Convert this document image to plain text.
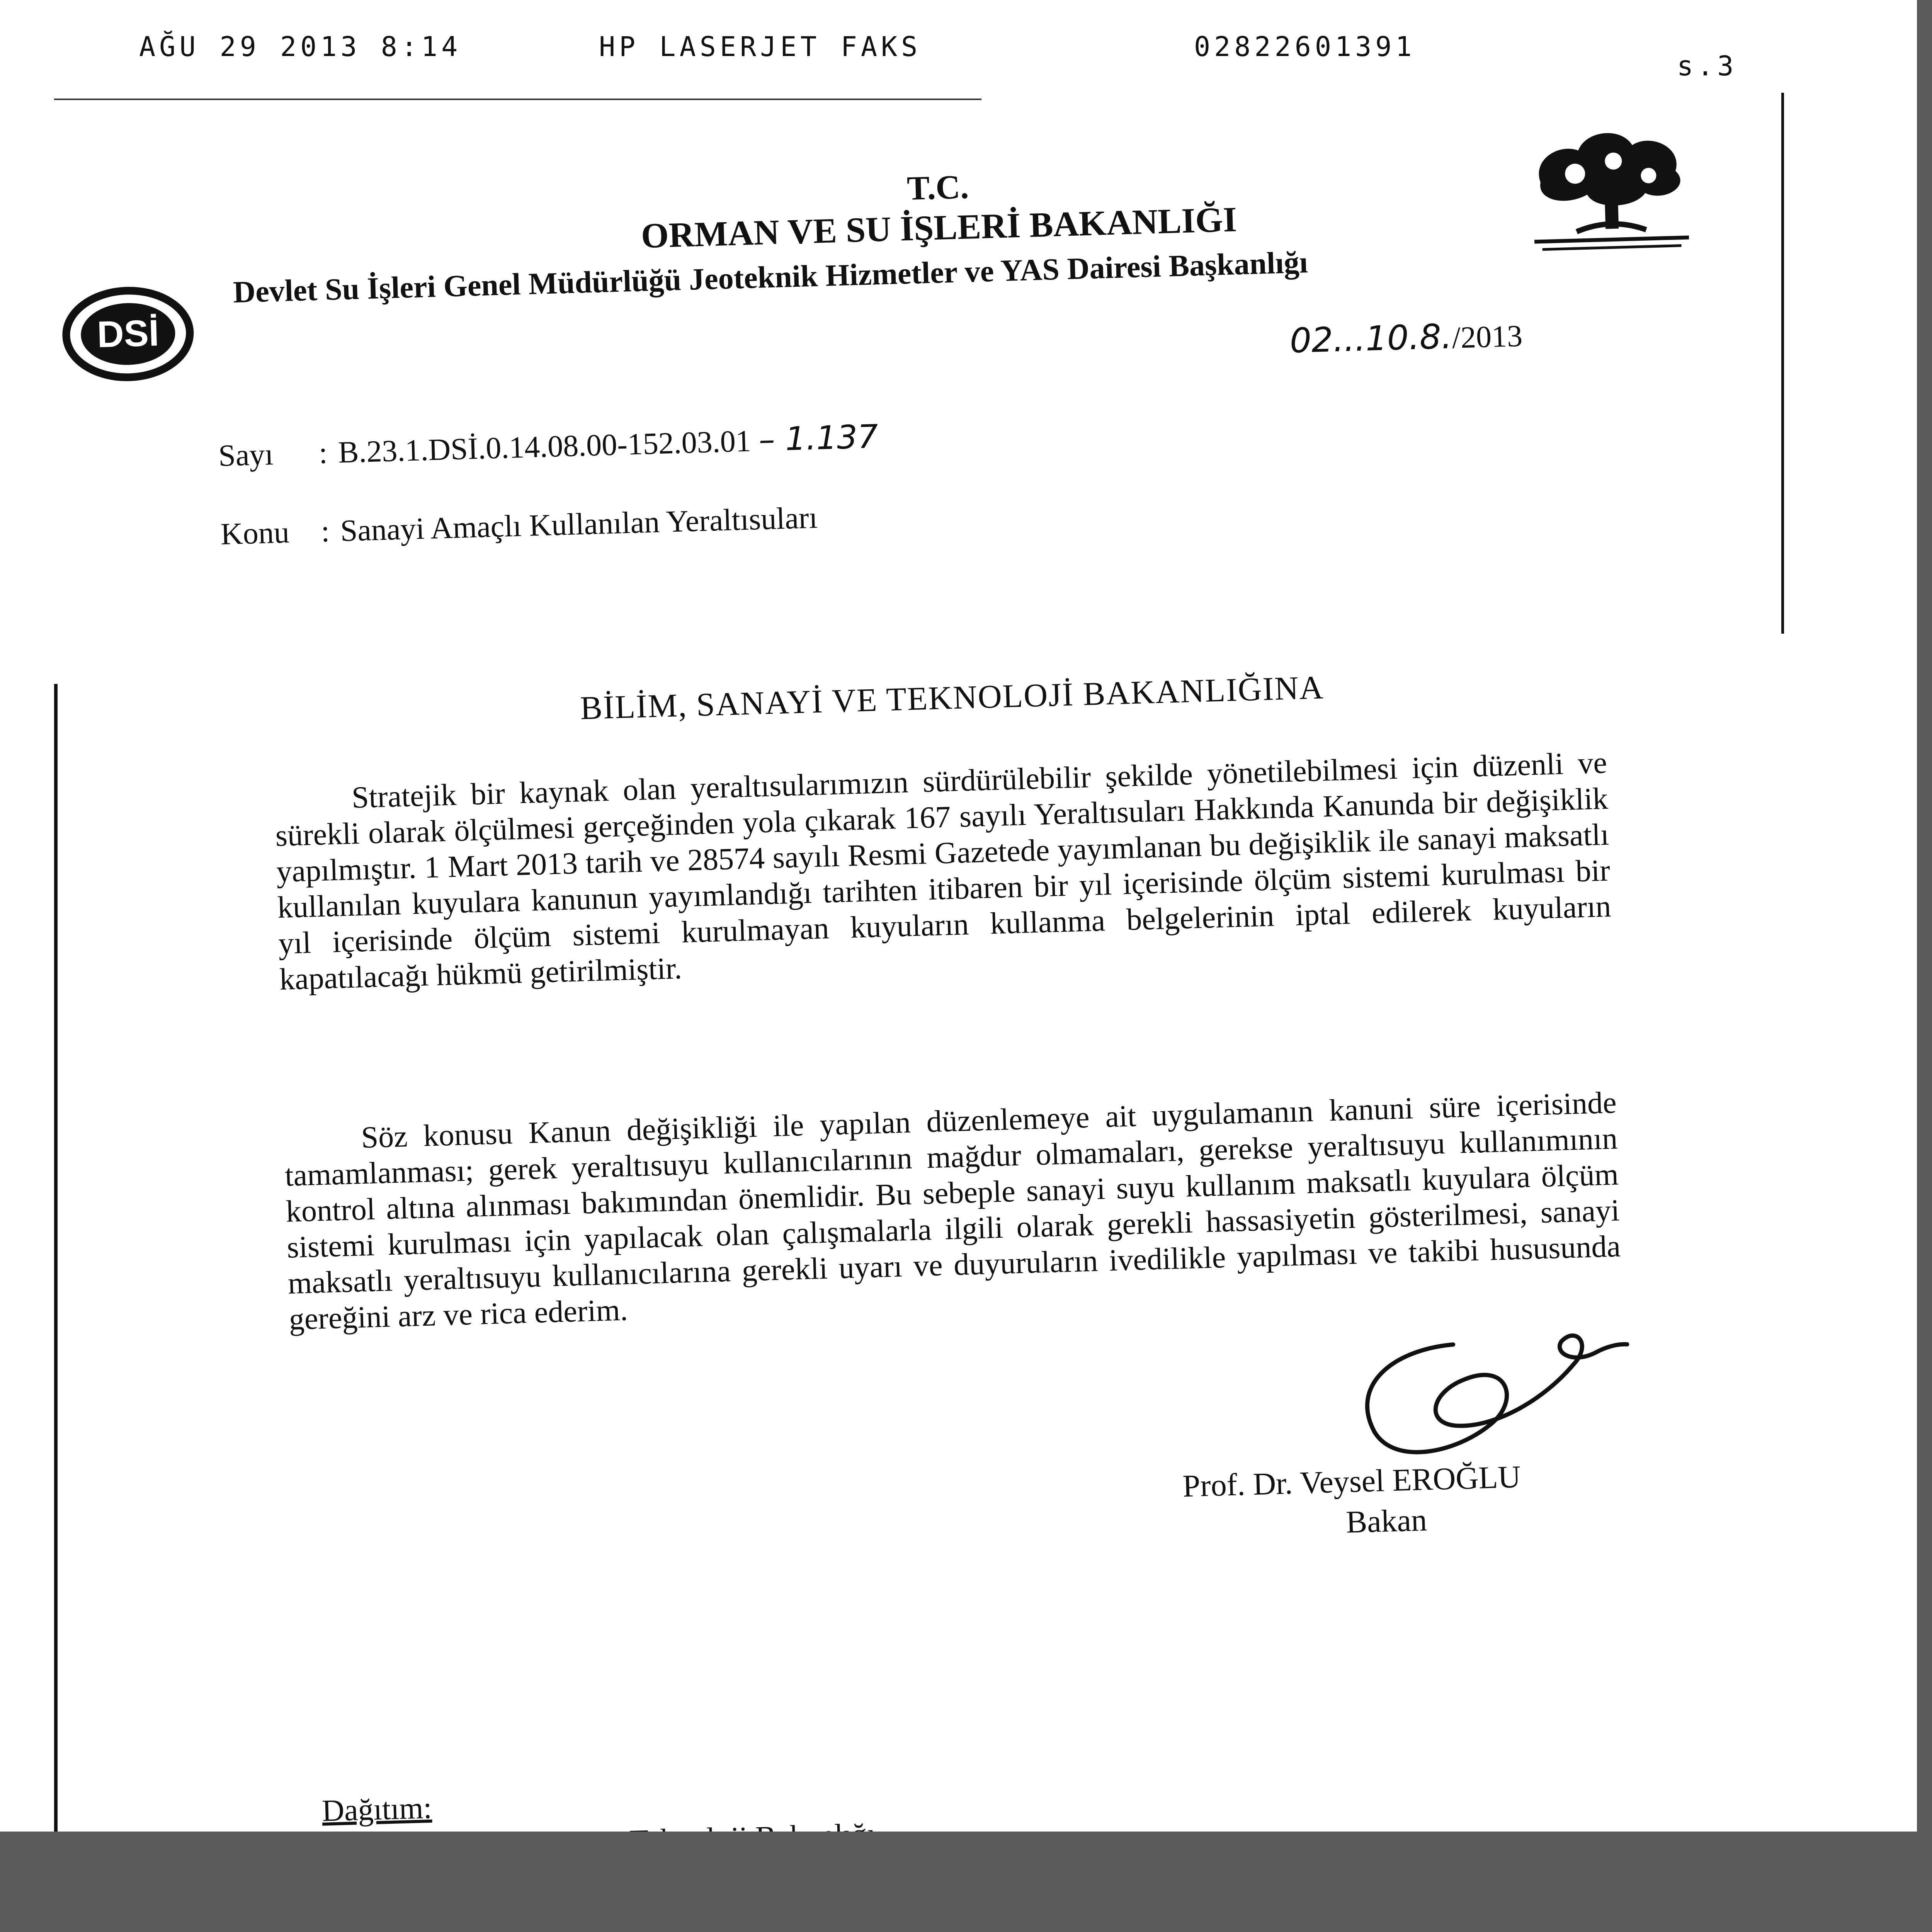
AĞU 29 2013 8:14	HP LASERJET FAKS	02822601391
s.3
T.C.
ORMAN VE SU İŞLERİ BAKANLIĞI
Devlet Su İşleri Genel Müdürlüğü Jeoteknik Hizmetler ve YAS Dairesi Başkanlığı
DSİ	02...10.8./2013
Sayı : B.23.1.DSİ.0.14.08.00-152.03.01 – 1.137
Konu : Sanayi Amaçlı Kullanılan Yeraltısuları
BİLİM, SANAYİ VE TEKNOLOJİ BAKANLIĞINA

Stratejik bir kaynak olan yeraltısularımızın sürdürülebilir şekilde yönetilebilmesi için düzenli ve sürekli olarak ölçülmesi gerçeğinden yola çıkarak 167 sayılı Yeraltısuları Hakkında Kanunda bir değişiklik yapılmıştır. 1 Mart 2013 tarih ve 28574 sayılı Resmi Gazetede yayımlanan bu değişiklik ile sanayi maksatlı kullanılan kuyulara kanunun yayımlandığı tarihten itibaren bir yıl içerisinde ölçüm sistemi kurulması bir yıl içerisinde ölçüm sistemi kurulmayan kuyuların kullanma belgelerinin iptal edilerek kuyuların kapatılacağı hükmü getirilmiştir.

Söz konusu Kanun değişikliği ile yapılan düzenlemeye ait uygulamanın kanuni süre içerisinde tamamlanması; gerek yeraltısuyu kullanıcılarının mağdur olmamaları, gerekse yeraltısuyu kullanımının kontrol altına alınması bakımından önemlidir. Bu sebeple sanayi suyu kullanım maksatlı kuyulara ölçüm sistemi kurulması için yapılacak olan çalışmalarla ilgili olarak gerekli hassasiyetin gösterilmesi, sanayi maksatlı yeraltısuyu kullanıcılarına gerekli uyarı ve duyuruların ivedilikle yapılması ve takibi hususunda gereğini arz ve rica ederim.

Prof. Dr. Veysel EROĞLU
Bakan
Dağıtım:
